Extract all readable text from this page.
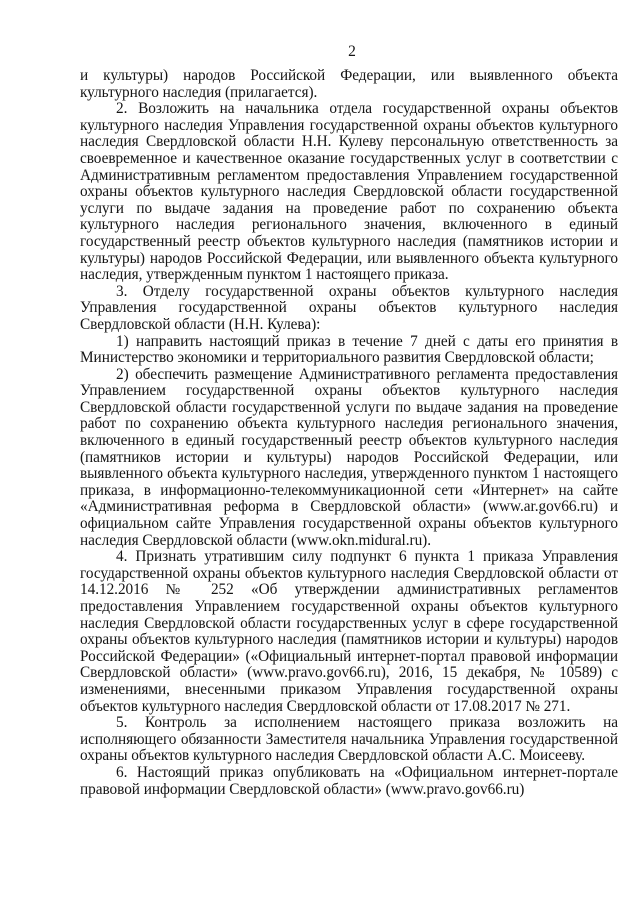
2

и культуры) народов Российской Федерации, или выявленного объекта культурного наследия (прилагается).

2. Возложить на начальника отдела государственной охраны объектов культурного наследия Управления государственной охраны объектов культурного наследия Свердловской области Н.Н. Кулеву персональную ответственность за своевременное и качественное оказание государственных услуг в соответствии с Административным регламентом предоставления Управлением государственной охраны объектов культурного наследия Свердловской области государственной услуги по выдаче задания на проведение работ по сохранению объекта культурного наследия регионального значения, включенного в единый государственный реестр объектов культурного наследия (памятников истории и культуры) народов Российской Федерации, или выявленного объекта культурного наследия, утвержденным пунктом 1 настоящего приказа.

3. Отделу государственной охраны объектов культурного наследия Управления государственной охраны объектов культурного наследия Свердловской области (Н.Н. Кулева):

1) направить настоящий приказ в течение 7 дней с даты его принятия в Министерство экономики и территориального развития Свердловской области;

2) обеспечить размещение Административного регламента предоставления Управлением государственной охраны объектов культурного наследия Свердловской области государственной услуги по выдаче задания на проведение работ по сохранению объекта культурного наследия регионального значения, включенного в единый государственный реестр объектов культурного наследия (памятников истории и культуры) народов Российской Федерации, или выявленного объекта культурного наследия, утвержденного пунктом 1 настоящего приказа, в информационно-телекоммуникационной сети «Интернет» на сайте «Административная реформа в Свердловской области» (www.ar.gov66.ru) и официальном сайте Управления государственной охраны объектов культурного наследия Свердловской области (www.okn.midural.ru).

4. Признать утратившим силу подпункт 6 пункта 1 приказа Управления государственной охраны объектов культурного наследия Свердловской области от 14.12.2016 № 252 «Об утверждении административных регламентов предоставления Управлением государственной охраны объектов культурного наследия Свердловской области государственных услуг в сфере государственной охраны объектов культурного наследия (памятников истории и культуры) народов Российской Федерации» («Официальный интернет-портал правовой информации Свердловской области» (www.pravo.gov66.ru), 2016, 15 декабря, № 10589) с изменениями, внесенными приказом Управления государственной охраны объектов культурного наследия Свердловской области от 17.08.2017 № 271.

5. Контроль за исполнением настоящего приказа возложить на исполняющего обязанности Заместителя начальника Управления государственной охраны объектов культурного наследия Свердловской области А.С. Моисееву.

6. Настоящий приказ опубликовать на «Официальном интернет-портале правовой информации Свердловской области» (www.pravo.gov66.ru)
